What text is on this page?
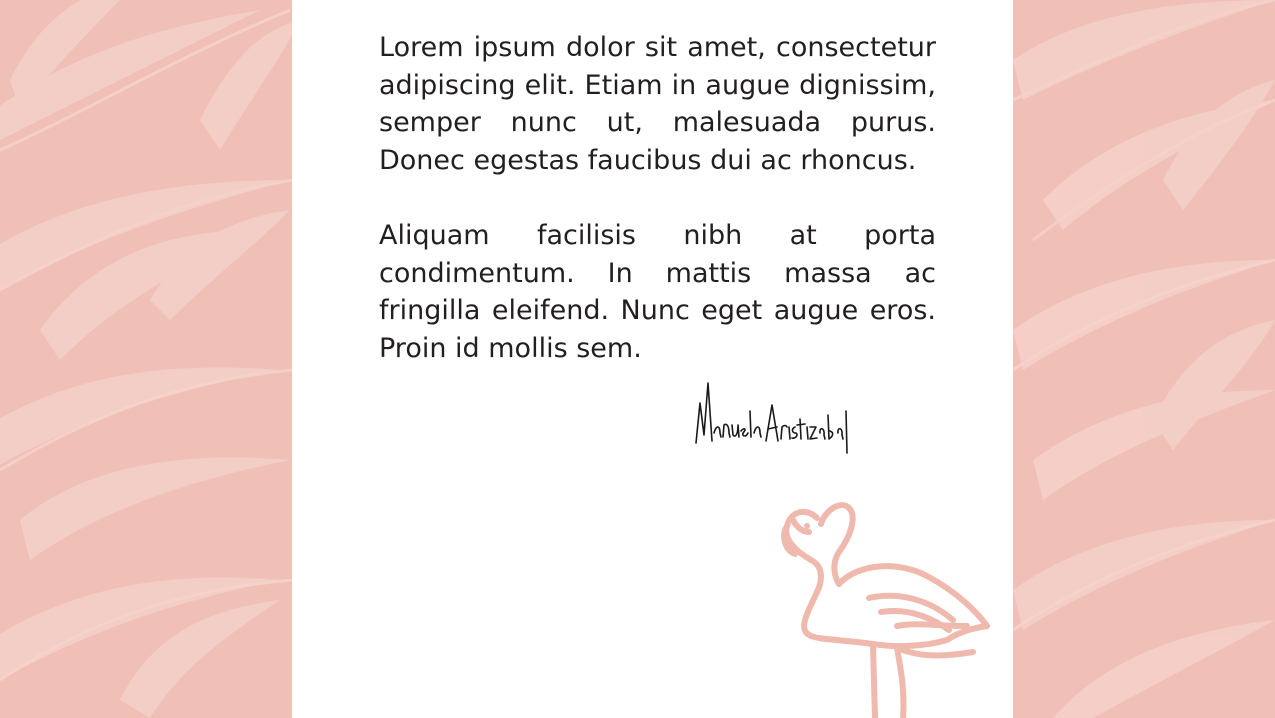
Lorem ipsum dolor sit amet, consectetur adipiscing elit. Etiam in augue dignissim, semper nunc ut, malesuada purus. Donec egestas faucibus dui ac rhoncus.

Aliquam facilisis nibh at porta condimentum. In mattis massa ac fringilla eleifend. Nunc eget augue eros. Proin id mollis sem.
